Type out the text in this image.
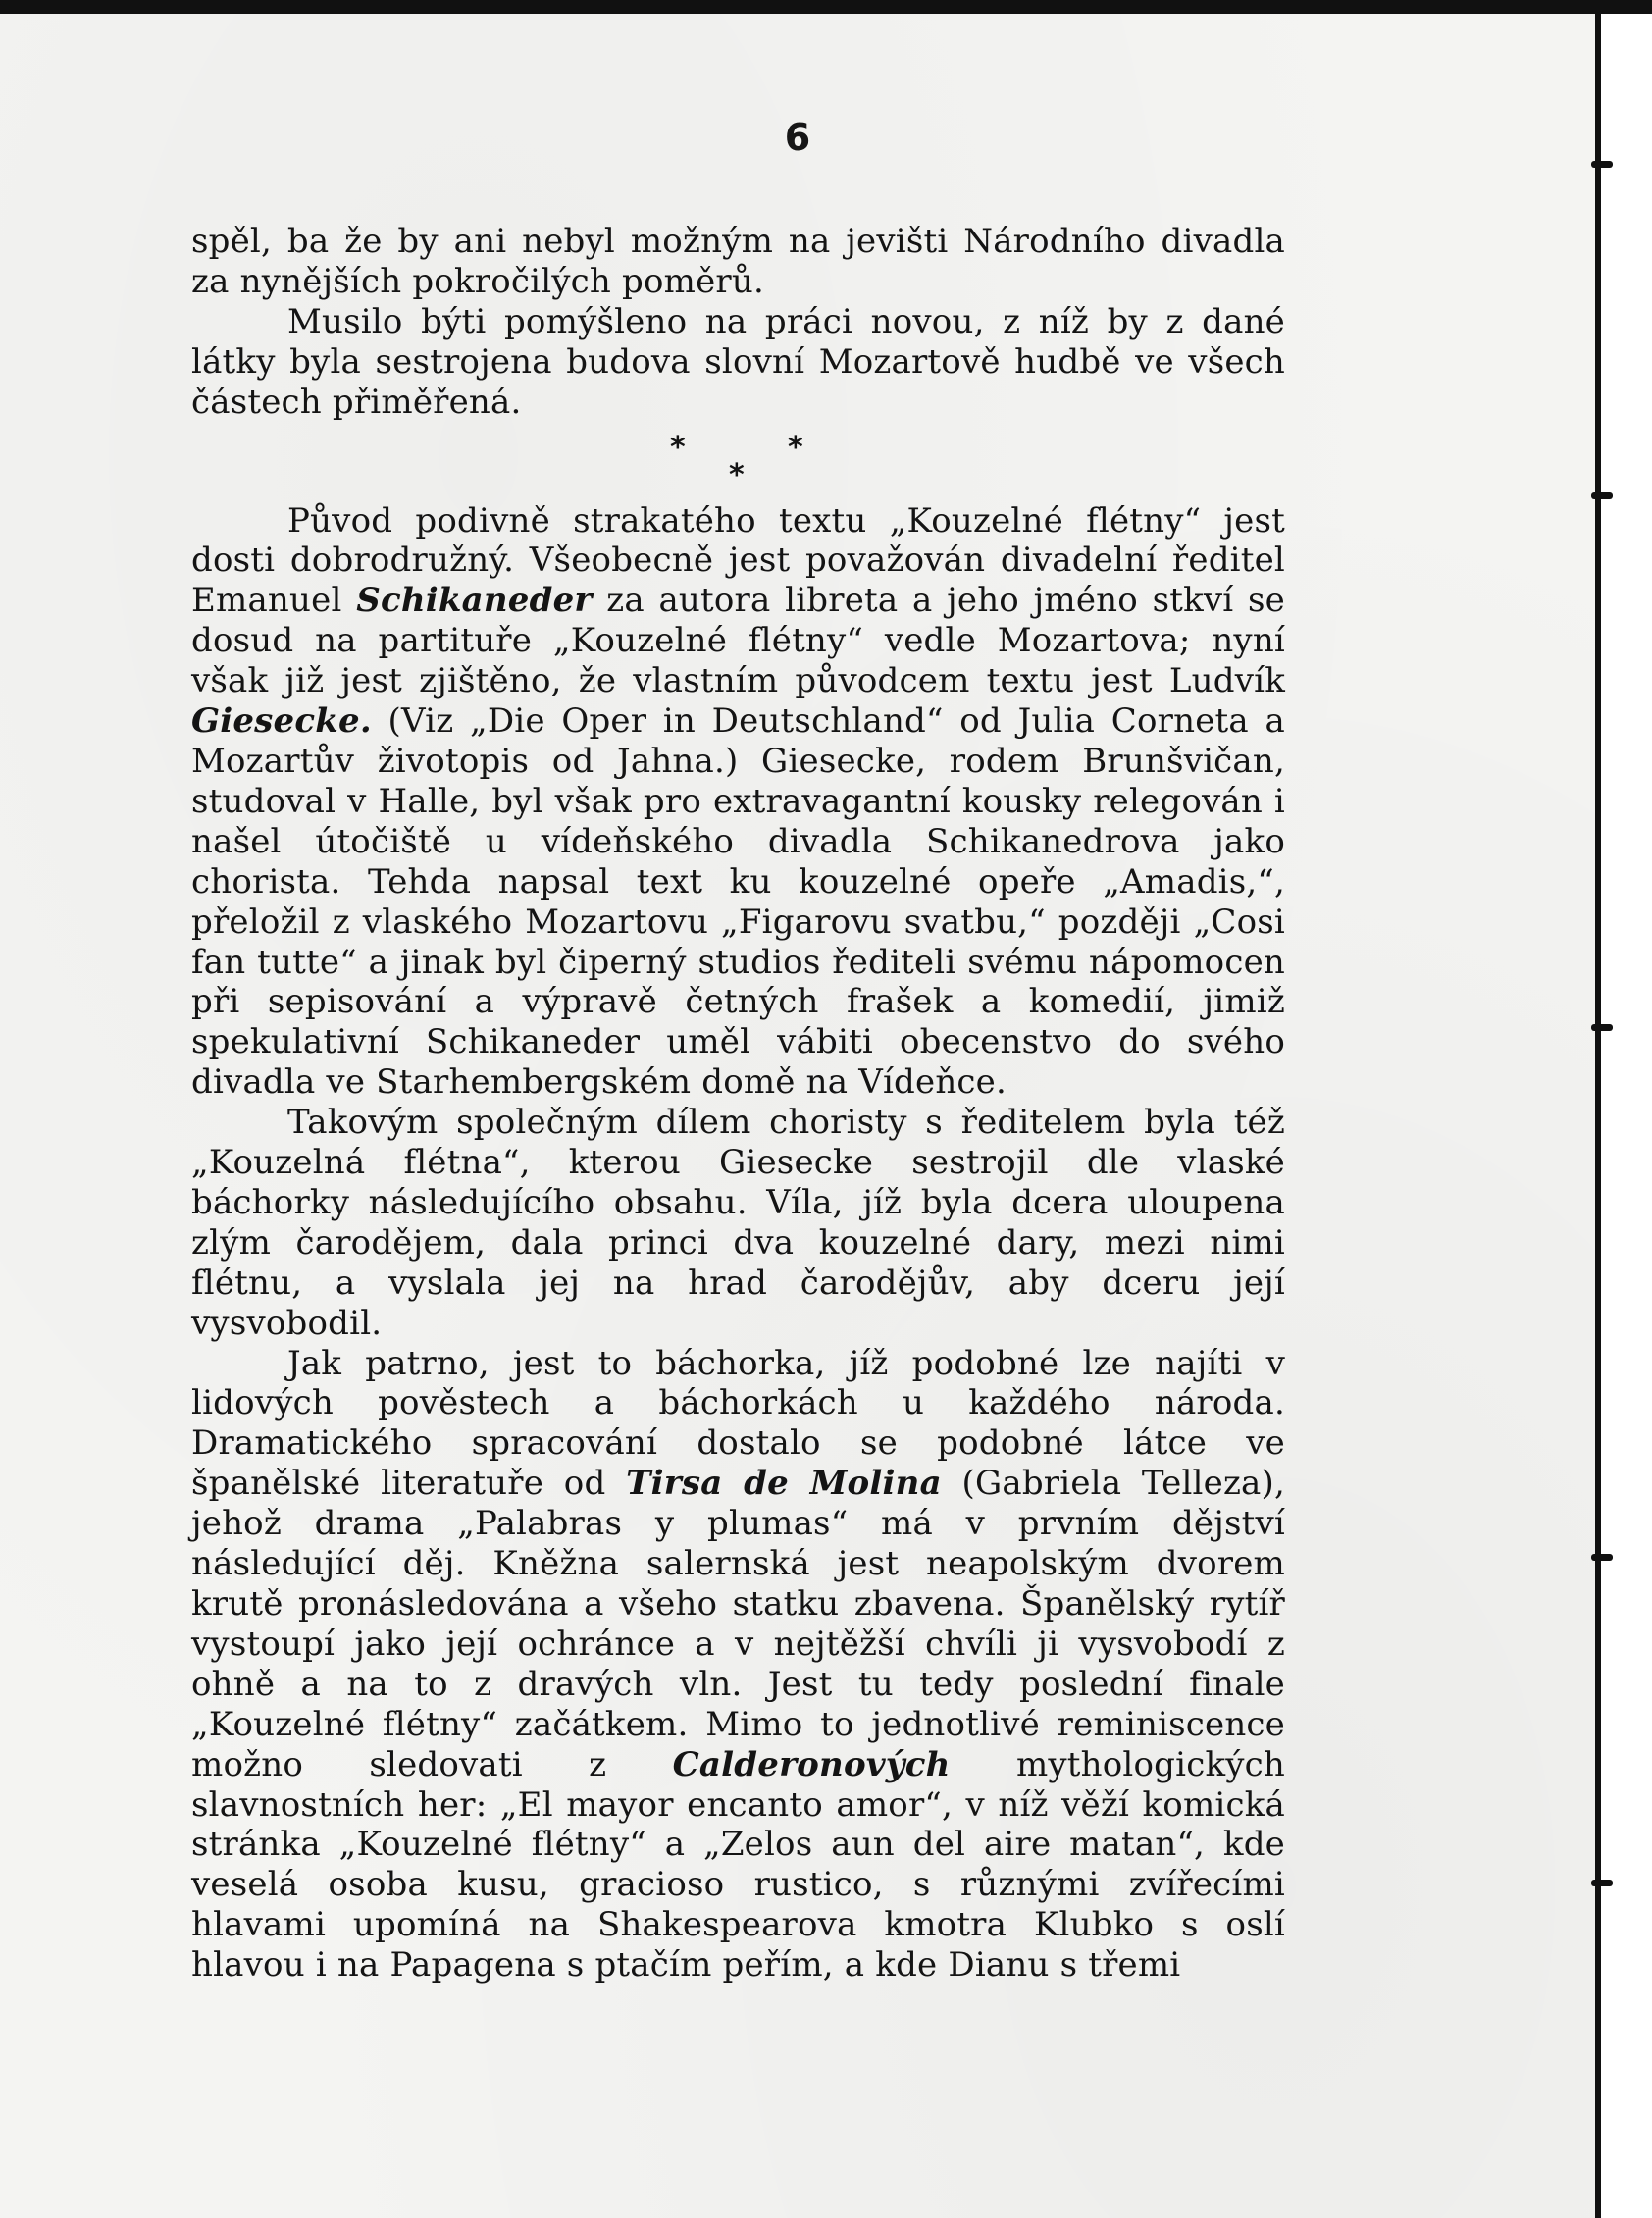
6

spěl, ba že by ani nebyl možným na jevišti Národního divadla za nynějších pokročilých poměrů.

Musilo býti pomýšleno na práci novou, z níž by z dané látky byla sestrojena budova slovní Mozartově hudbě ve všech částech přiměřená.

*
*
*

Původ podivně strakatého textu „Kouzelné flétny“ jest dosti dobrodružný. Všeobecně jest považován divadelní ředitel Emanuel Schikaneder za autora libreta a jeho jméno stkví se dosud na partituře „Kouzelné flétny“ vedle Mozartova; nyní však již jest zjištěno, že vlastním původcem textu jest Ludvík Giesecke. (Viz „Die Oper in Deutschland“ od Julia Corneta a Mozartův životopis od Jahna.) Giesecke, rodem Brunšvičan, studoval v Halle, byl však pro extravagantní kousky relegován i našel útočiště u vídeňského divadla Schikanedrova jako chorista. Tehda napsal text ku kouzelné opeře „Amadis,“, přeložil z vlaského Mozartovu „Figarovu svatbu,“ později „Cosi fan tutte“ a jinak byl čiperný studios řediteli svému nápomocen při sepisování a výpravě četných frašek a komedií, jimiž spekulativní Schikaneder uměl vábiti obecenstvo do svého divadla ve Starhembergském domě na Vídeňce.

Takovým společným dílem choristy s ředitelem byla též „Kouzelná flétna“, kterou Giesecke sestrojil dle vlaské báchorky následujícího obsahu. Víla, jíž byla dcera uloupena zlým čarodějem, dala princi dva kouzelné dary, mezi nimi flétnu, a vyslala jej na hrad čarodějův, aby dceru její vysvobodil.

Jak patrno, jest to báchorka, jíž podobné lze najíti v lidových pověstech a báchorkách u každého národa. Dramatického spracování dostalo se podobné látce ve španělské literatuře od Tirsa de Molina (Gabriela Telleza), jehož drama „Palabras y plumas“ má v prvním dějství následující děj. Kněžna salernská jest neapolským dvorem krutě pronásledována a všeho statku zbavena. Španělský rytíř vystoupí jako její ochránce a v nejtěžší chvíli ji vysvobodí z ohně a na to z dravých vln. Jest tu tedy poslední finale „Kouzelné flétny“ začátkem. Mimo to jednotlivé reminiscence možno sledovati z Calderonových mythologických slavnostních her: „El mayor encanto amor“, v níž věží komická stránka „Kouzelné flétny“ a „Zelos aun del aire matan“, kde veselá osoba kusu, gracioso rustico, s různými zvířecími hlavami upomíná na Shakespearova kmotra Klubko s oslí hlavou i na Papagena s ptačím peřím, a kde Dianu s třemi
